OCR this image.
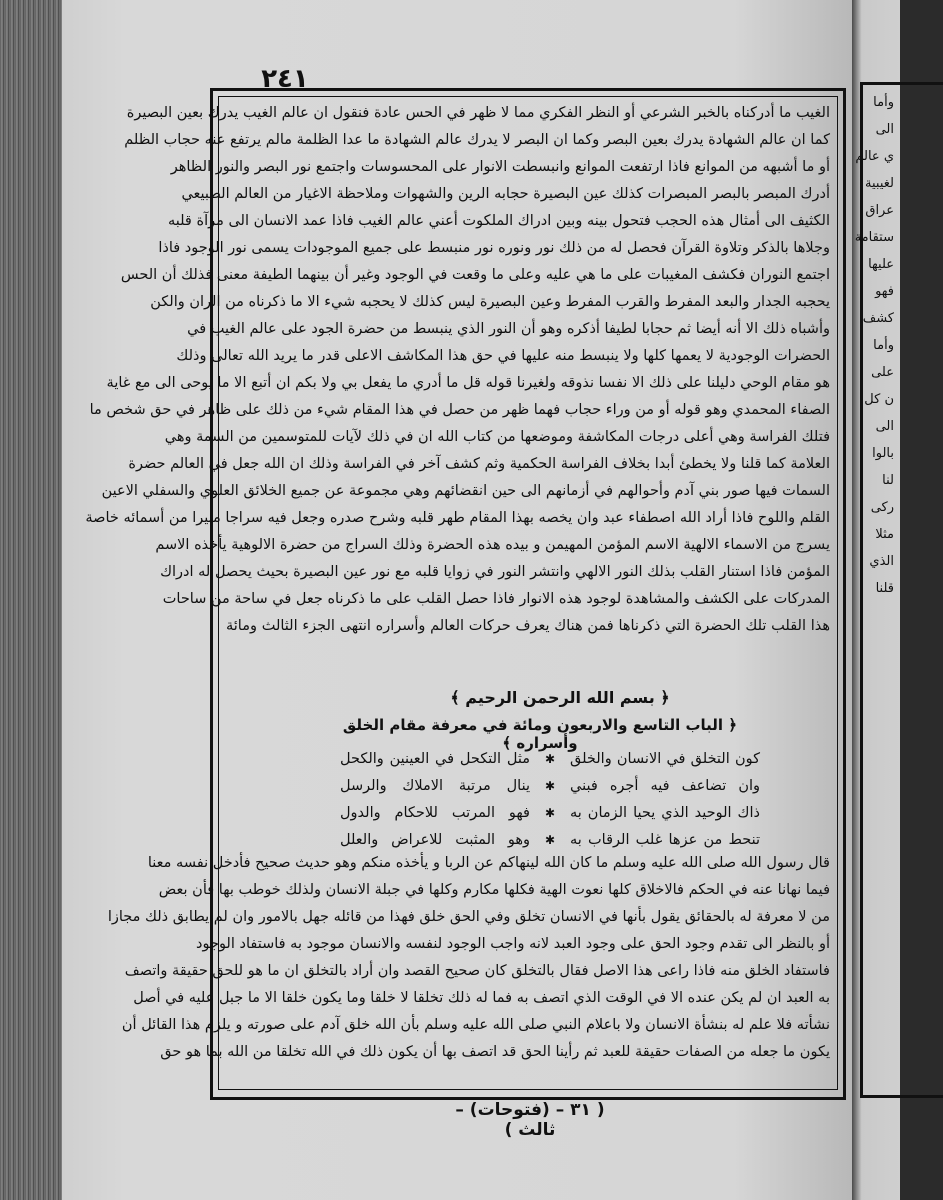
وأما
الى
ي عالم
لغيبية
عراق
ستقامة
عليها
فهو
كشف
وأما
على
ن كل
الى
بالوا
لنا
ركى
مثلا
الذي
قلنا
٢٤١
الغيب ما أدركناه بالخبر الشرعي أو النظر الفكري مما لا ظهر في الحس عادة فنقول ان عالم الغيب يدرك بعين البصيرة
كما ان عالم الشهادة يدرك بعين البصر وكما ان البصر لا يدرك عالم الشهادة ما عدا الظلمة مالم يرتفع عنه حجاب الظلم
أو ما أشبهه من الموانع فاذا ارتفعت الموانع وانبسطت الانوار على المحسوسات واجتمع نور البصر والنور الظاهر
أدرك المبصر بالبصر المبصرات كذلك عين البصيرة حجابه الرين والشهوات وملاحظة الاغيار من العالم الطبيعي
الكثيف الى أمثال هذه الحجب فتحول بينه وبين ادراك الملكوت أعني عالم الغيب فاذا عمد الانسان الى مرآة قلبه
وجلاها بالذكر وتلاوة القرآن فحصل له من ذلك نور ونوره نور منبسط على جميع الموجودات يسمى نور الوجود فاذا
اجتمع النوران فكشف المغيبات على ما هي عليه وعلى ما وقعت في الوجود وغير أن بينهما الطيفة معنى فذلك أن الحس
يحجبه الجدار والبعد المفرط والقرب المفرط وعين البصيرة ليس كذلك لا يحجبه شيء الا ما ذكرناه من الران والكن
وأشباه ذلك الا أنه أيضا ثم حجابا لطيفا أذكره وهو أن النور الذي ينبسط من حضرة الجود على عالم الغيب في
الحضرات الوجودية لا يعمها كلها ولا ينبسط منه عليها في حق هذا المكاشف الاعلى قدر ما يريد الله تعالى وذلك
هو مقام الوحي دليلنا على ذلك الا نفسا نذوقه ولغيرنا قوله قل ما أدري ما يفعل بي ولا بكم ان أتبع الا ما يوحى الى مع غاية
الصفاء المحمدي وهو قوله أو من وراء حجاب فهما ظهر من حصل في هذا المقام شيء من ذلك على ظاهر في حق شخص ما
فتلك الفراسة وهي أعلى درجات المكاشفة وموضعها من كتاب الله ان في ذلك لآيات للمتوسمين من السمة وهي
العلامة كما قلنا ولا يخطئ أبدا بخلاف الفراسة الحكمية وثم كشف آخر في الفراسة وذلك ان الله جعل في العالم حضرة
السمات فيها صور بني آدم وأحوالهم في أزمانهم الى حين انقضائهم وهي مجموعة عن جميع الخلائق العلوي والسفلي الاعين
القلم واللوح فاذا أراد الله اصطفاء عبد وان يخصه بهذا المقام طهر قلبه وشرح صدره وجعل فيه سراجا منيرا من أسمائه خاصة
يسرج من الاسماء الالهية الاسم المؤمن المهيمن و بيده هذه الحضرة وذلك السراج من حضرة الالوهية يأخذه الاسم
المؤمن فاذا استنار القلب بذلك النور الالهي وانتشر النور في زوايا قلبه مع نور عين البصيرة بحيث يحصل له ادراك
المدركات على الكشف والمشاهدة لوجود هذه الانوار فاذا حصل القلب على ما ذكرناه جعل في ساحة من ساحات
هذا القلب تلك الحضرة التي ذكرناها فمن هناك يعرف حركات العالم وأسراره انتهى الجزء الثالث ومائة
﴿ بسم الله الرحمن الرحيم ﴾
﴿ الباب التاسع والاربعون ومائة في معرفة مقام الخلق وأسراره ﴾
كون التخلق في الانسان والخلق
✱
مثل التكحل في العينين والكحل
وان تضاعف فيه أجره فبني
✱
ينال مرتبة الاملاك والرسل
ذاك الوحيد الذي يحيا الزمان به
✱
فهو المرتب للاحكام والدول
تنحط من عزها غلب الرقاب به
✱
وهو المثبت للاعراض والعلل
قال رسول الله صلى الله عليه وسلم ما كان الله لينهاكم عن الربا و يأخذه منكم وهو حديث صحيح فأدخل نفسه معنا
فيما نهانا عنه في الحكم فالاخلاق كلها نعوت الهية فكلها مكارم وكلها في جبلة الانسان ولذلك خوطب بها فأن بعض
من لا معرفة له بالحقائق يقول بأنها في الانسان تخلق وفي الحق خلق فهذا من قائله جهل بالامور وان لم يطابق ذلك مجازا
أو بالنظر الى تقدم وجود الحق على وجود العبد لانه واجب الوجود لنفسه والانسان موجود به فاستفاد الوجود
فاستفاد الخلق منه فاذا راعى هذا الاصل فقال بالتخلق كان صحيح القصد وان أراد بالتخلق ان ما هو للحق حقيقة واتصف
به العبد ان لم يكن عنده الا في الوقت الذي اتصف به فما له ذلك تخلقا لا خلقا وما يكون خلقا الا ما جبل عليه في أصل
نشأته فلا علم له بنشأة الانسان ولا باعلام النبي صلى الله عليه وسلم بأن الله خلق آدم على صورته و يلزم هذا القائل أن
يكون ما جعله من الصفات حقيقة للعبد ثم رأينا الحق قد اتصف بها أن يكون ذلك في الله تخلقا من الله بما هو حق
( ٣١ – (فتوحات) – ثالث )
